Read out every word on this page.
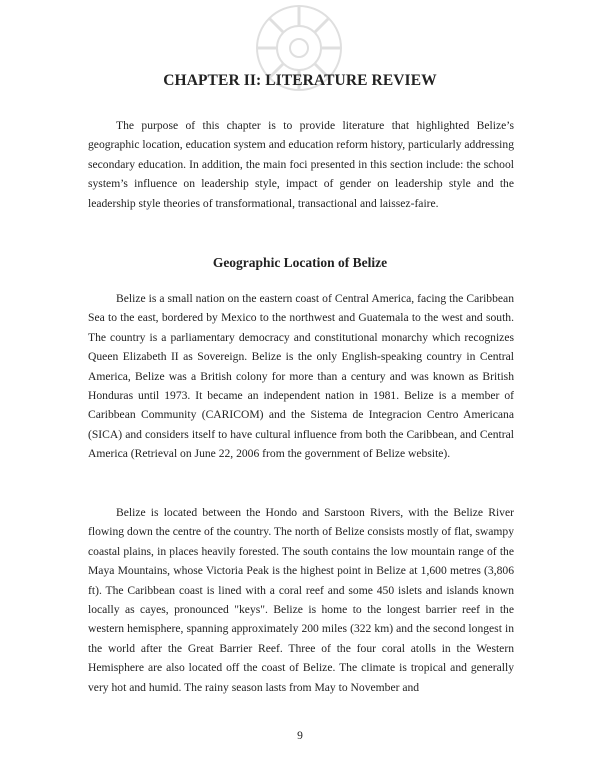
CHAPTER II: LITERATURE REVIEW

The purpose of this chapter is to provide literature that highlighted Belize’s geographic location, education system and education reform history, particularly addressing secondary education. In addition, the main foci presented in this section include: the school system’s influence on leadership style, impact of gender on leadership style and the leadership style theories of transformational, transactional and laissez-faire.

Geographic Location of Belize

Belize is a small nation on the eastern coast of Central America, facing the Caribbean Sea to the east, bordered by Mexico to the northwest and Guatemala to the west and south. The country is a parliamentary democracy and constitutional monarchy which recognizes Queen Elizabeth II as Sovereign. Belize is the only English-speaking country in Central America, Belize was a British colony for more than a century and was known as British Honduras until 1973. It became an independent nation in 1981. Belize is a member of Caribbean Community (CARICOM) and the Sistema de Integracion Centro Americana (SICA) and considers itself to have cultural influence from both the Caribbean, and Central America (Retrieval on June 22, 2006 from the government of Belize website).

Belize is located between the Hondo and Sarstoon Rivers, with the Belize River flowing down the centre of the country. The north of Belize consists mostly of flat, swampy coastal plains, in places heavily forested. The south contains the low mountain range of the Maya Mountains, whose Victoria Peak is the highest point in Belize at 1,600 metres (3,806 ft). The Caribbean coast is lined with a coral reef and some 450 islets and islands known locally as cayes, pronounced "keys". Belize is home to the longest barrier reef in the western hemisphere, spanning approximately 200 miles (322 km) and the second longest in the world after the Great Barrier Reef. Three of the four coral atolls in the Western Hemisphere are also located off the coast of Belize. The climate is tropical and generally very hot and humid. The rainy season lasts from May to November and

9
